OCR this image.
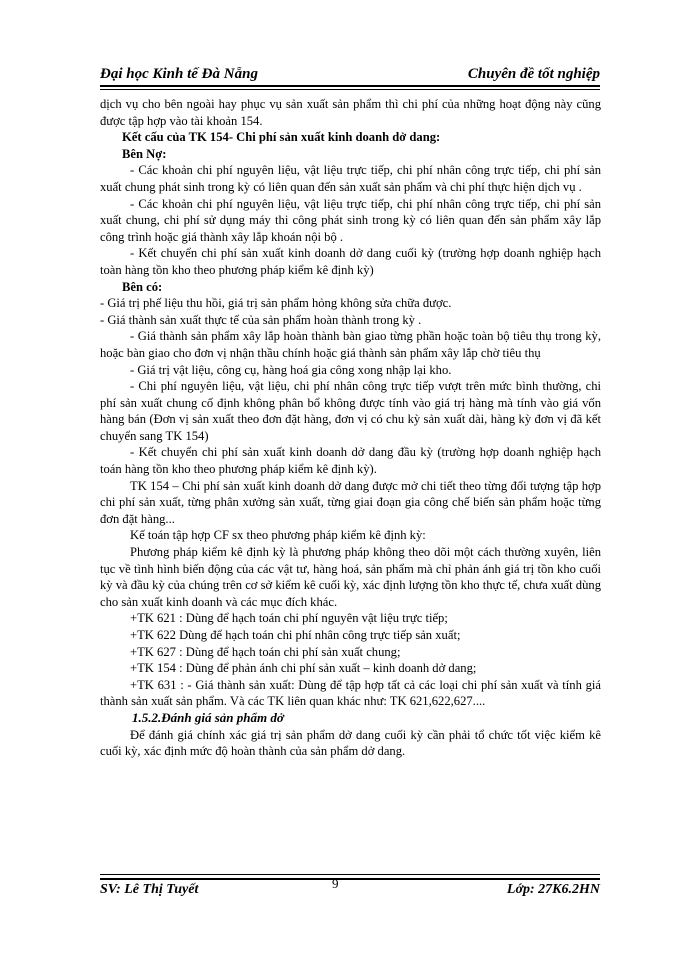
Đại học Kinh tế Đà Nẵng	Chuyên đề tốt nghiệp

dịch vụ cho bên ngoài hay phục vụ sản xuất sản phẩm thì chi phí của những hoạt động này cũng được tập hợp vào tài khoản 154.

Kết cấu của TK 154- Chi phí sản xuất kinh doanh dở dang:

Bên Nợ:

- Các khoản chi phí nguyên liệu, vật liệu trực tiếp, chi phí nhân công trực tiếp, chi phí sản xuất chung phát sinh trong kỳ có liên quan đến sản xuất sản phẩm và chi phí thực hiện dịch vụ .

- Các khoản chi phí nguyên liệu, vật liệu trực tiếp, chi phí nhân công trực tiếp, chi phí sản xuất chung, chi phí sử dụng máy thi công phát sinh trong kỳ có liên quan đến sản phẩm xây lắp công trình hoặc giá thành xây lắp khoán nội bộ .

- Kết chuyển chi phí sản xuất kinh doanh dở dang cuối kỳ (trường hợp doanh nghiệp hạch toàn hàng tồn kho theo phương pháp kiểm kê định kỳ)

Bên có:

- Giá trị phế liệu thu hồi, giá trị sản phẩm hỏng không sửa chữa được.

- Giá thành sản xuất thực tế của sản phẩm hoàn thành trong kỳ .

- Giá thành sản phẩm xây lắp hoàn thành bàn giao từng phần hoặc toàn bộ tiêu thụ trong kỳ, hoặc bàn giao cho đơn vị nhận thầu chính hoặc giá thành sản phẩm xây lắp chờ tiêu thụ

- Giá trị vật liệu, công cụ, hàng hoá gia công xong nhập lại kho.

- Chi phí nguyên liệu, vật liệu, chi phí nhân công trực tiếp vượt trên mức bình thường, chi phí sản xuất chung cố định không phân bổ không được tính vào giá trị hàng mà tính vào giá vốn hàng bán (Đơn vị sản xuất theo đơn đặt hàng, đơn vị có chu kỳ sản xuất dài, hàng kỳ đơn vị đã kết chuyển sang TK 154)

- Kết chuyển chi phí sản xuất kinh doanh dở dang đầu kỳ (trường hợp doanh nghiệp hạch toán hàng tồn kho theo phương pháp kiểm kê định kỳ).

TK 154 – Chi phí sản xuất kinh doanh dở dang được mở chi tiết theo từng đối tượng tập hợp chi phí sản xuất, từng phân xưởng sản xuất, từng giai đoạn gia công chế biến sản phẩm hoặc từng đơn đặt hàng...

Kế toán tập hợp CF sx theo phương pháp kiểm kê định kỳ:

Phương pháp kiểm kê định kỳ là phương pháp không theo dõi một cách thường xuyên, liên tục về tình hình biến động của các vật tư, hàng hoá, sản phẩm mà chỉ phản ánh giá trị tồn kho cuối kỳ và đầu kỳ của chúng trên cơ sở kiểm kê cuối kỳ, xác định lượng tồn kho thực tế, chưa xuất dùng cho sản xuất kinh doanh và các mục đích khác.

+TK 621 : Dùng để hạch toán chi phí nguyên vật liệu trực tiếp;

+TK 622 Dùng để hạch toán chi phí nhân công trực tiếp sản xuất;

+TK 627 : Dùng để hạch toán chi phí sản xuất chung;

+TK 154 : Dùng để phản ánh chi phí sản xuất – kinh doanh dở dang;

+TK 631 : - Giá thành sản xuất: Dùng để tập hợp tất cả các loại chi phí sản xuất và tính giá thành sản xuất sản phẩm. Và các TK liên quan khác như: TK 621,622,627....

1.5.2.Đánh giá sản phẩm dở

Để đánh giá chính xác giá trị sản phẩm dở dang cuối kỳ cần phải tổ chức tốt việc kiểm kê cuối kỳ, xác định mức độ hoàn thành của sản phẩm dở dang.

SV: Lê Thị Tuyết	9	Lớp: 27K6.2HN
